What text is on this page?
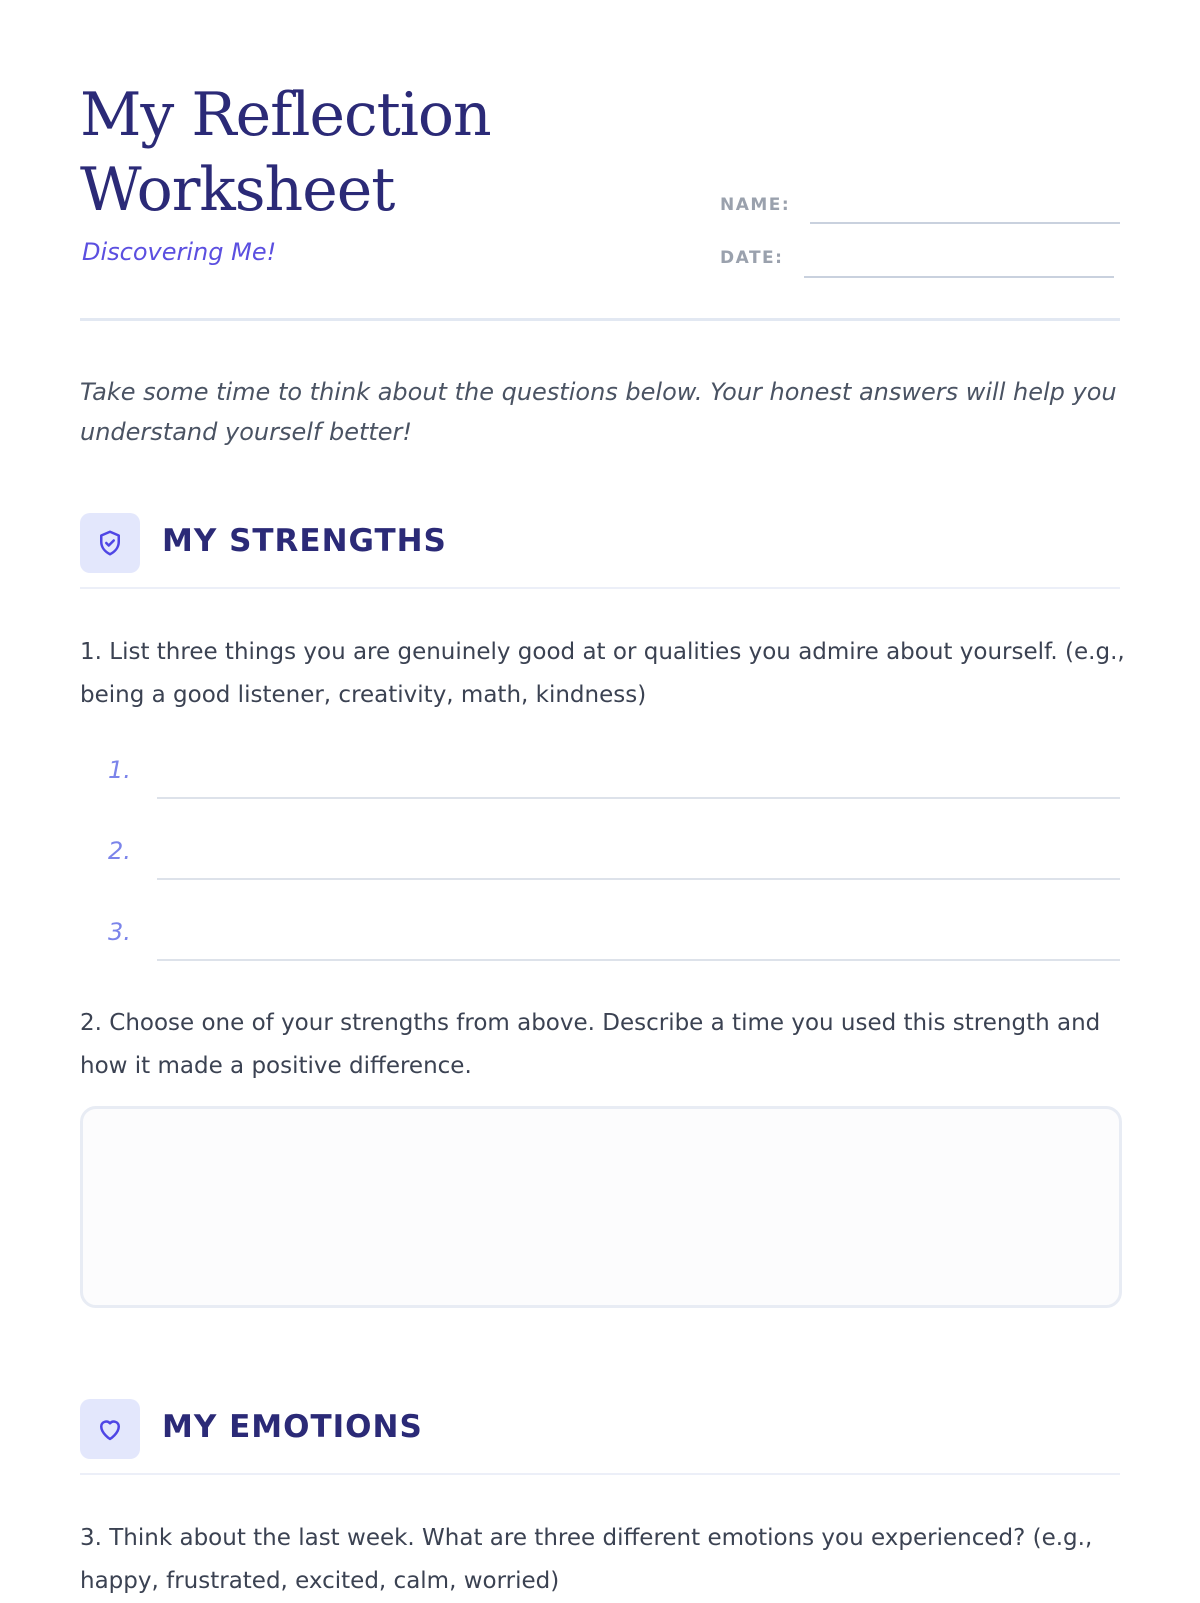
My Reflection
Worksheet
Discovering Me!
NAME:
DATE:
Take some time to think about the questions below. Your honest answers will help you understand yourself better!
MY STRENGTHS
1. List three things you are genuinely good at or qualities you admire about yourself. (e.g., being a good listener, creativity, math, kindness)
1.
2.
3.
2. Choose one of your strengths from above. Describe a time you used this strength and how it made a positive difference.
MY EMOTIONS
3. Think about the last week. What are three different emotions you experienced? (e.g., happy, frustrated, excited, calm, worried)
